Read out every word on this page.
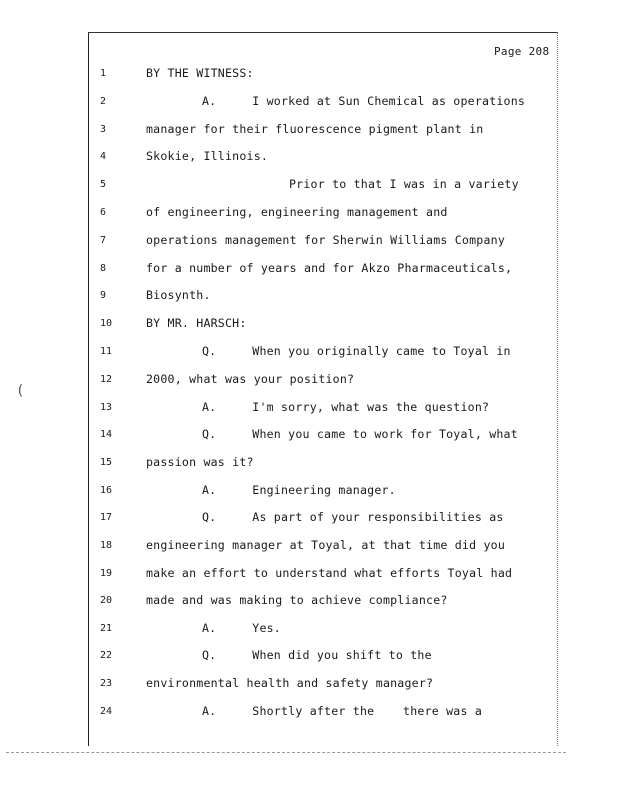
(
Page 208
1	BY THE WITNESS:
2	A.     I worked at Sun Chemical as operations
3	manager for their fluorescence pigment plant in
4	Skokie, Illinois.
5	Prior to that I was in a variety
6	of engineering, engineering management and
7	operations management for Sherwin Williams Company
8	for a number of years and for Akzo Pharmaceuticals,
9	Biosynth.
10	BY MR. HARSCH:
11	Q.     When you originally came to Toyal in
12	2000, what was your position?
13	A.     I'm sorry, what was the question?
14	Q.     When you came to work for Toyal, what
15	passion was it?
16	A.     Engineering manager.
17	Q.     As part of your responsibilities as
18	engineering manager at Toyal, at that time did you
19	make an effort to understand what efforts Toyal had
20	made and was making to achieve compliance?
21	A.     Yes.
22	Q.     When did you shift to the
23	environmental health and safety manager?
24	A.     Shortly after the    there was a
